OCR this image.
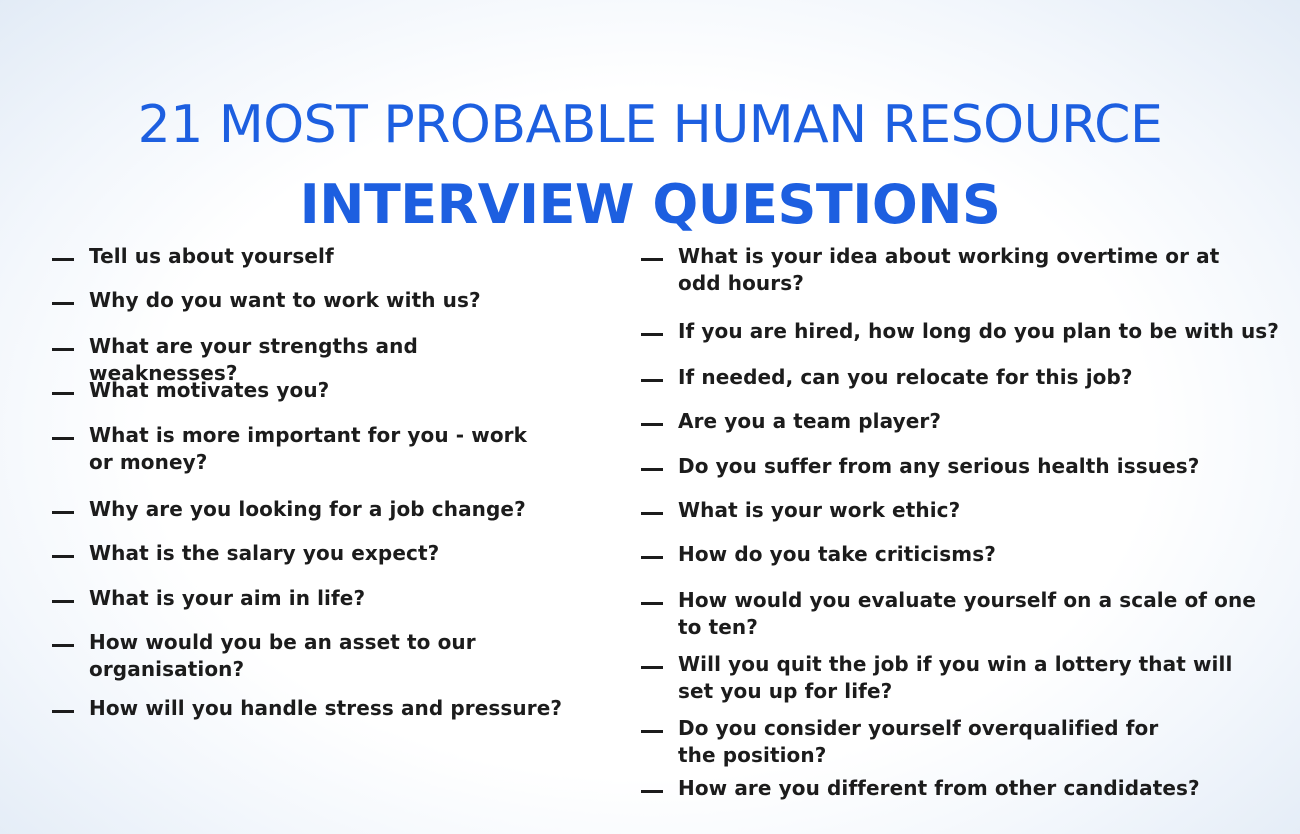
21 MOST PROBABLE HUMAN RESOURCE
INTERVIEW QUESTIONS
Tell us about yourself
Why do you want to work with us?
What are your strengths and weaknesses?
What motivates you?
What is more important for you - work or money?
Why are you looking for a job change?
What is the salary you expect?
What is your aim in life?
How would you be an asset to our organisation?
How will you handle stress and pressure?
What is your idea about working overtime or at odd hours?
If you are hired, how long do you plan to be with us?
If needed, can you relocate for this job?
Are you a team player?
Do you suffer from any serious health issues?
What is your work ethic?
How do you take criticisms?
How would you evaluate yourself on a scale of one to ten?
Will you quit the job if you win a lottery that will set you up for life?
Do you consider yourself overqualified for the position?
How are you different from other candidates?
